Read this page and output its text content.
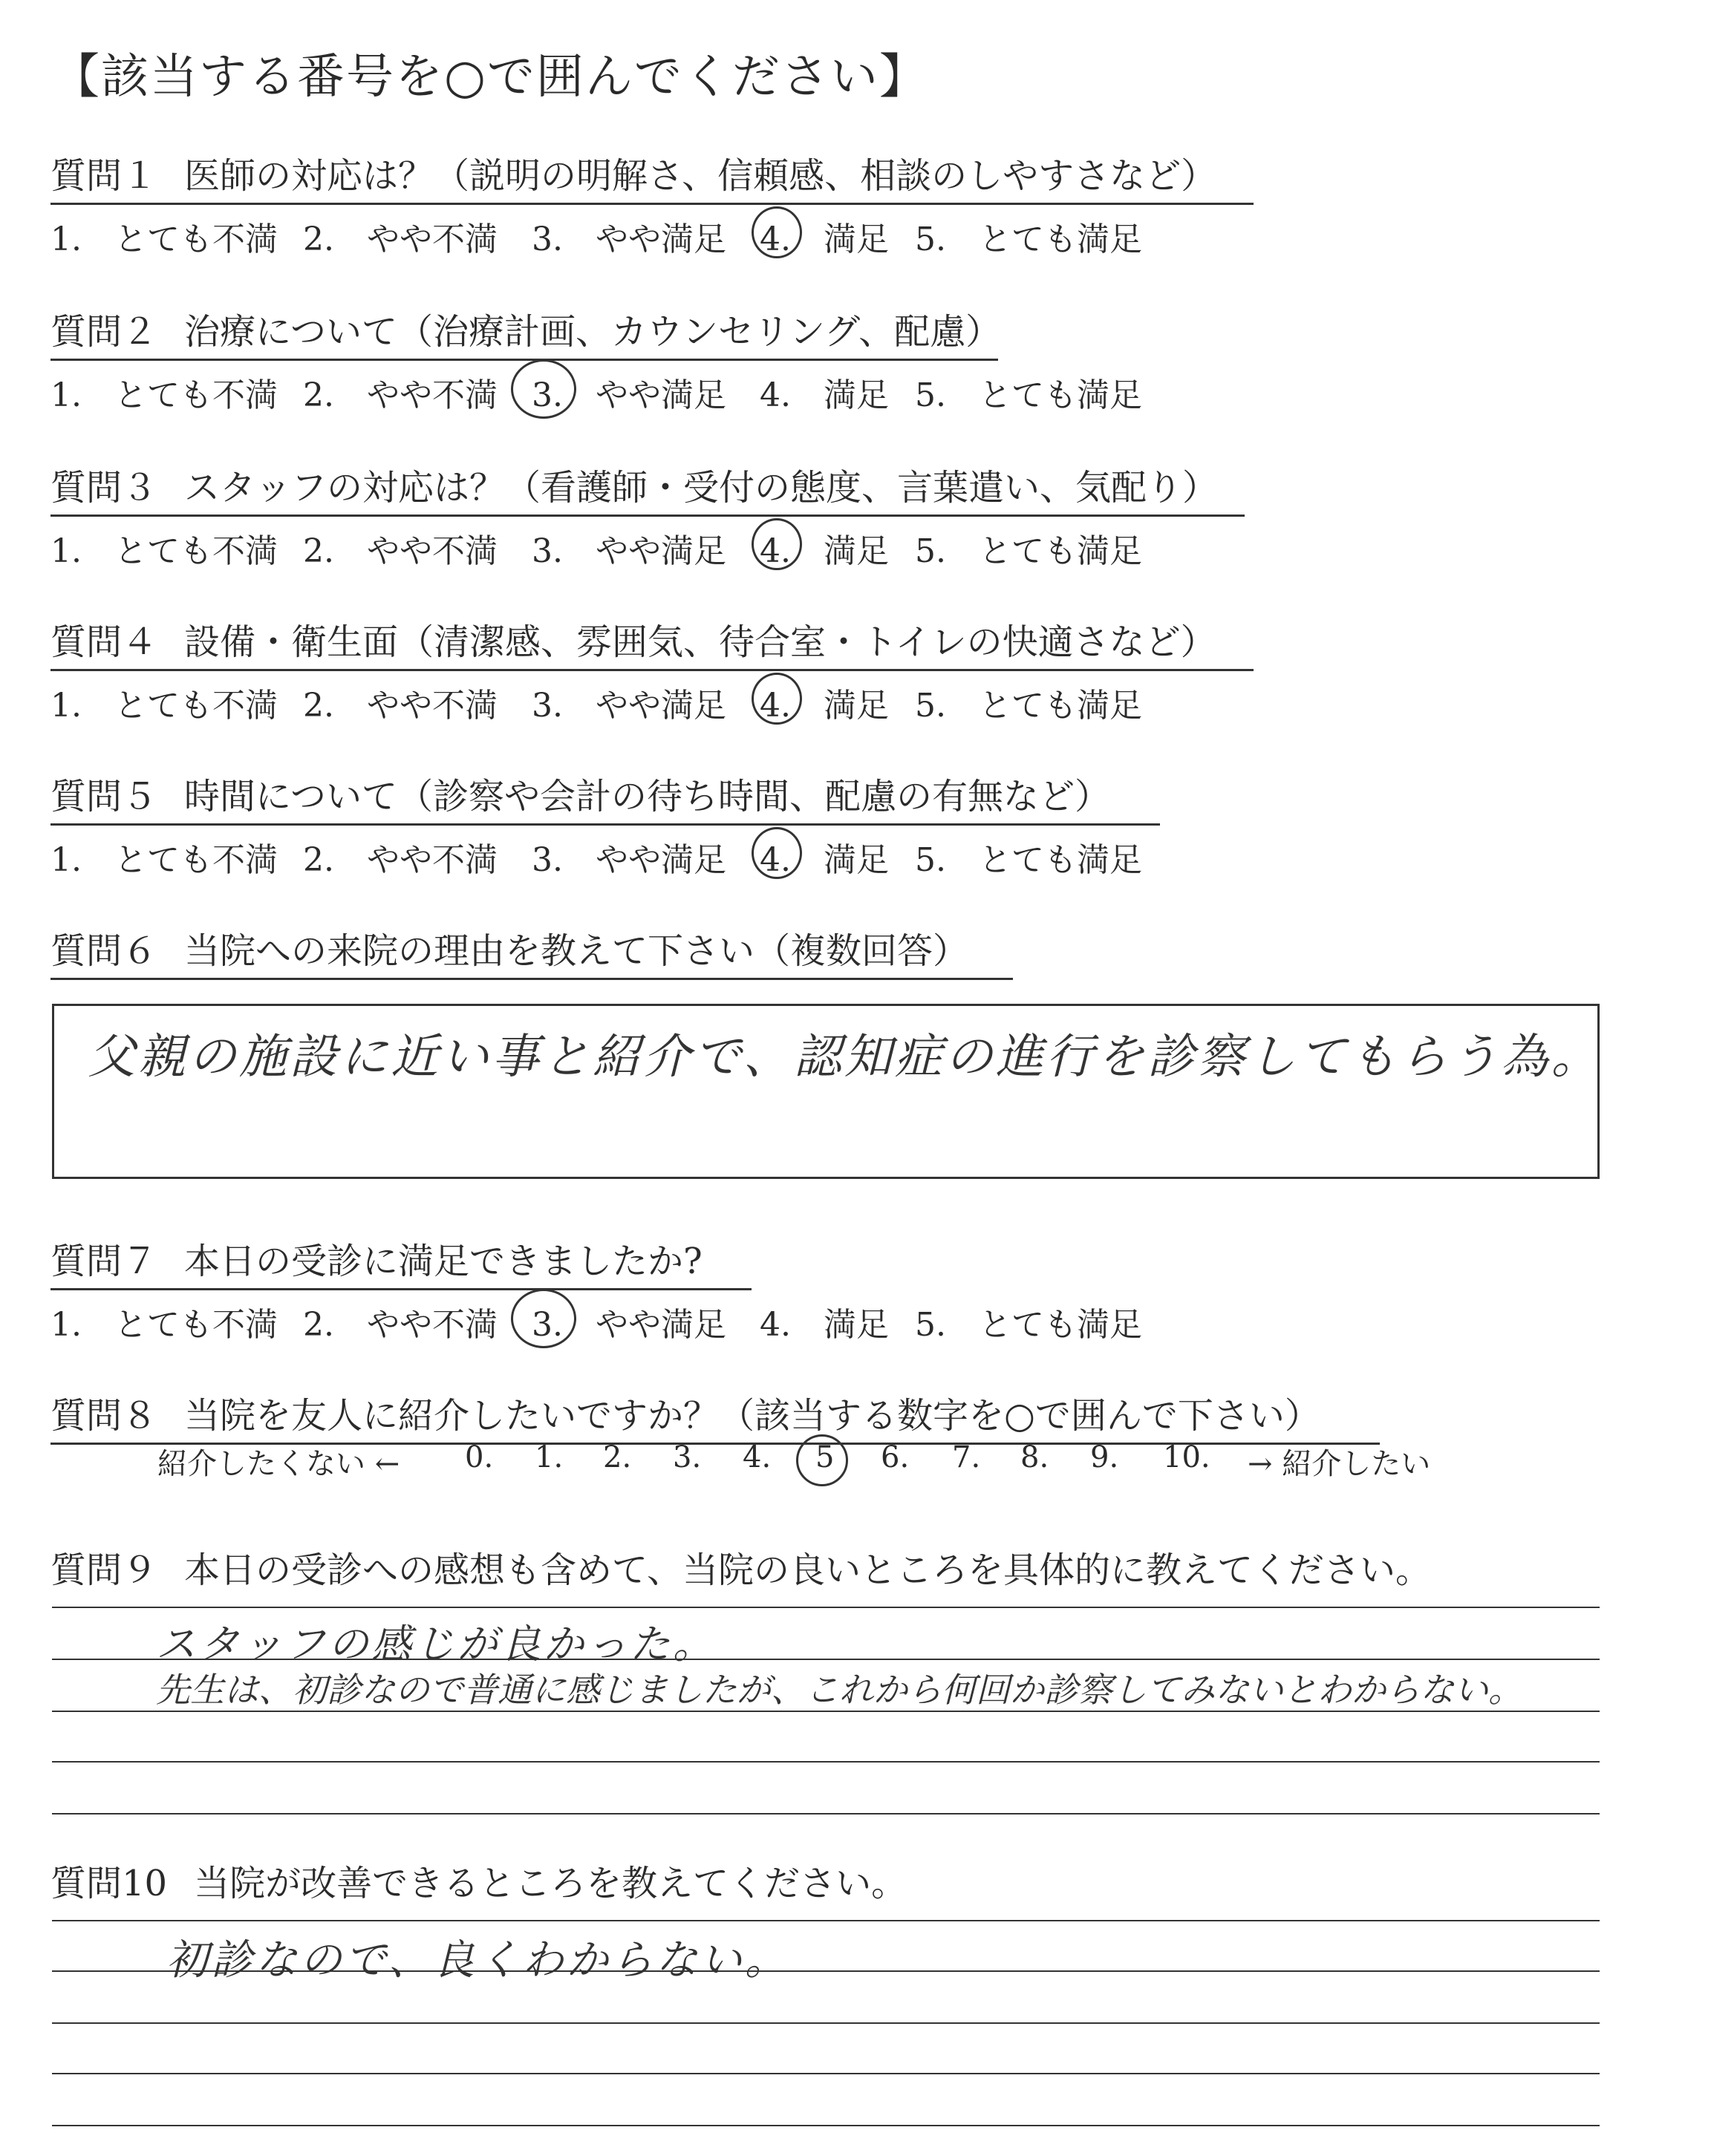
【該当する番号を○で囲んでください】
質問１ 医師の対応は？（説明の明解さ、信頼感、相談のしやすさなど）
1.　とても不満 2.　やや不満 3.　やや満足 4.　満足 5.　とても満足
質問２ 治療について（治療計画、カウンセリング、配慮）
1.　とても不満 2.　やや不満 3.　やや満足 4.　満足 5.　とても満足
質問３ スタッフの対応は？（看護師・受付の態度、言葉遣い、気配り）
1.　とても不満 2.　やや不満 3.　やや満足 4.　満足 5.　とても満足
質問４ 設備・衛生面（清潔感、雰囲気、待合室・トイレの快適さなど）
1.　とても不満 2.　やや不満 3.　やや満足 4.　満足 5.　とても満足
質問５ 時間について（診察や会計の待ち時間、配慮の有無など）
1.　とても不満 2.　やや不満 3.　やや満足 4.　満足 5.　とても満足
質問６ 当院への来院の理由を教えて下さい（複数回答）
父親の施設に近い事と紹介で、認知症の進行を診察してもらう為。
質問７ 本日の受診に満足できましたか?
1.　とても不満 2.　やや不満 3.　やや満足 4.　満足 5.　とても満足
質問８ 当院を友人に紹介したいですか？（該当する数字を○で囲んで下さい）
紹介したくない ← 0. 1. 2. 3. 4. 5 6. 7. 8. 9. 10. → 紹介したい
質問９ 本日の受診への感想も含めて、当院の良いところを具体的に教えてください。
スタッフの感じが良かった。
先生は、初診なので普通に感じましたが、これから何回か診察してみないとわからない。
質問10 当院が改善できるところを教えてください。
初診なので、良くわからない。
